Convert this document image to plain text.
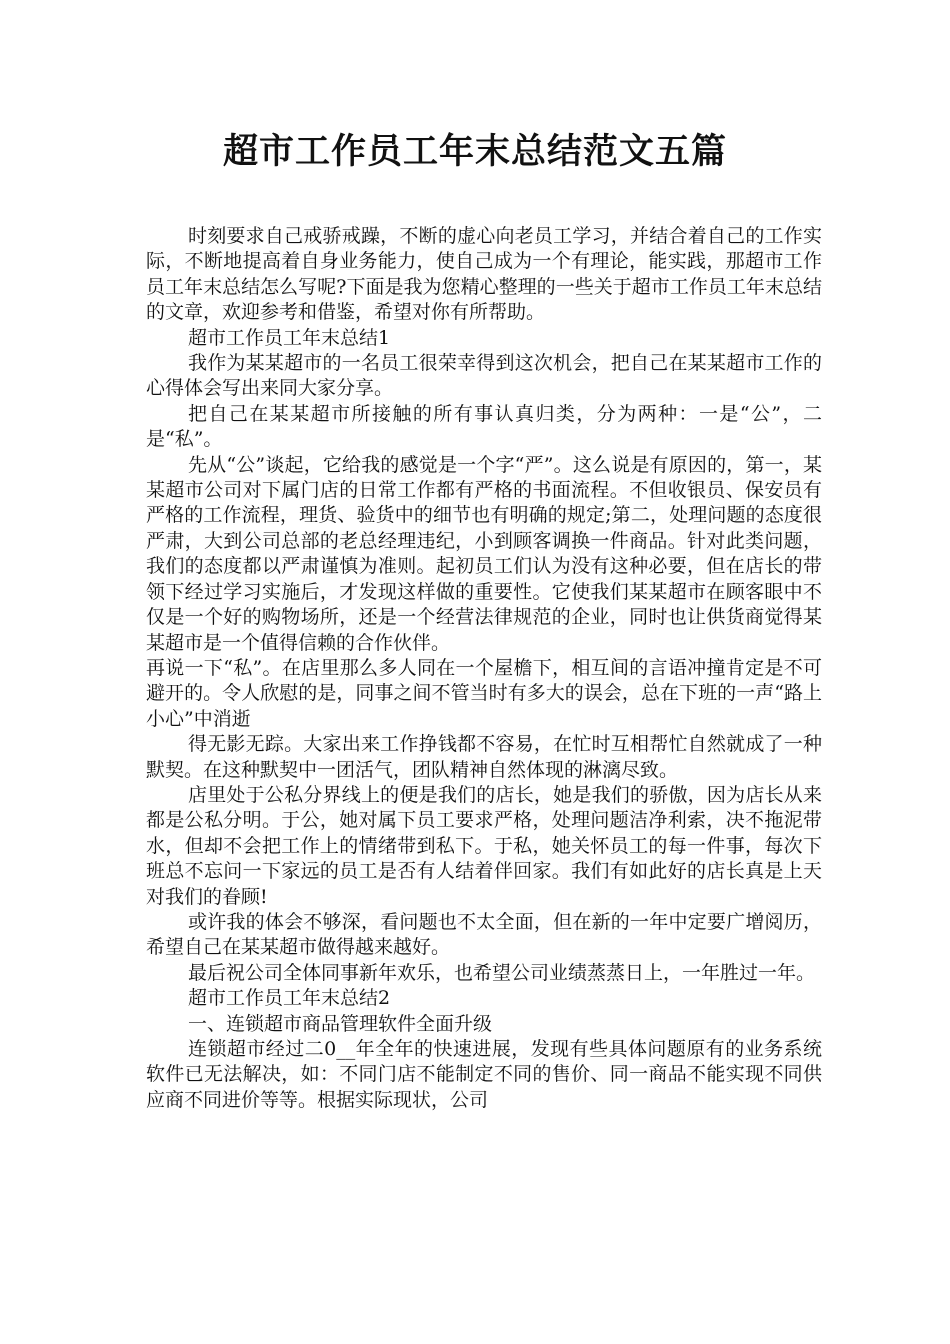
超市工作员工年末总结范文五篇

时刻要求自己戒骄戒躁，不断的虚心向老员工学习，并结合着自己的工作实际，不断地提高着自身业务能力，使自己成为一个有理论，能实践，那超市工作员工年末总结怎么写呢?下面是我为您精心整理的一些关于超市工作员工年末总结的文章，欢迎参考和借鉴，希望对你有所帮助。

超市工作员工年末总结1

我作为某某超市的一名员工很荣幸得到这次机会，把自己在某某超市工作的心得体会写出来同大家分享。

把自己在某某超市所接触的所有事认真归类，分为两种：一是“公”，二是“私”。

先从“公”谈起，它给我的感觉是一个字“严”。这么说是有原因的，第一，某某超市公司对下属门店的日常工作都有严格的书面流程。不但收银员、保安员有严格的工作流程，理货、验货中的细节也有明确的规定;第二，处理问题的态度很严肃，大到公司总部的老总经理违纪，小到顾客调换一件商品。针对此类问题，我们的态度都以严肃谨慎为准则。起初员工们认为没有这种必要，但在店长的带领下经过学习实施后，才发现这样做的重要性。它使我们某某超市在顾客眼中不仅是一个好的购物场所，还是一个经营法律规范的企业，同时也让供货商觉得某某超市是一个值得信赖的合作伙伴。

再说一下“私”。在店里那么多人同在一个屋檐下，相互间的言语冲撞肯定是不可避开的。令人欣慰的是，同事之间不管当时有多大的误会，总在下班的一声“路上小心”中消逝

得无影无踪。大家出来工作挣钱都不容易，在忙时互相帮忙自然就成了一种默契。在这种默契中一团活气，团队精神自然体现的淋漓尽致。

店里处于公私分界线上的便是我们的店长，她是我们的骄傲，因为店长从来都是公私分明。于公，她对属下员工要求严格，处理问题洁净利索，决不拖泥带水，但却不会把工作上的情绪带到私下。于私，她关怀员工的每一件事，每次下班总不忘问一下家远的员工是否有人结着伴回家。我们有如此好的店长真是上天对我们的眷顾!

或许我的体会不够深，看问题也不太全面，但在新的一年中定要广增阅历，希望自己在某某超市做得越来越好。

最后祝公司全体同事新年欢乐，也希望公司业绩蒸蒸日上，一年胜过一年。

超市工作员工年末总结2

一、连锁超市商品管理软件全面升级

连锁超市经过二0__年全年的快速进展，发现有些具体问题原有的业务系统软件已无法解决，如：不同门店不能制定不同的售价、同一商品不能实现不同供应商不同进价等等。根据实际现状，公司
